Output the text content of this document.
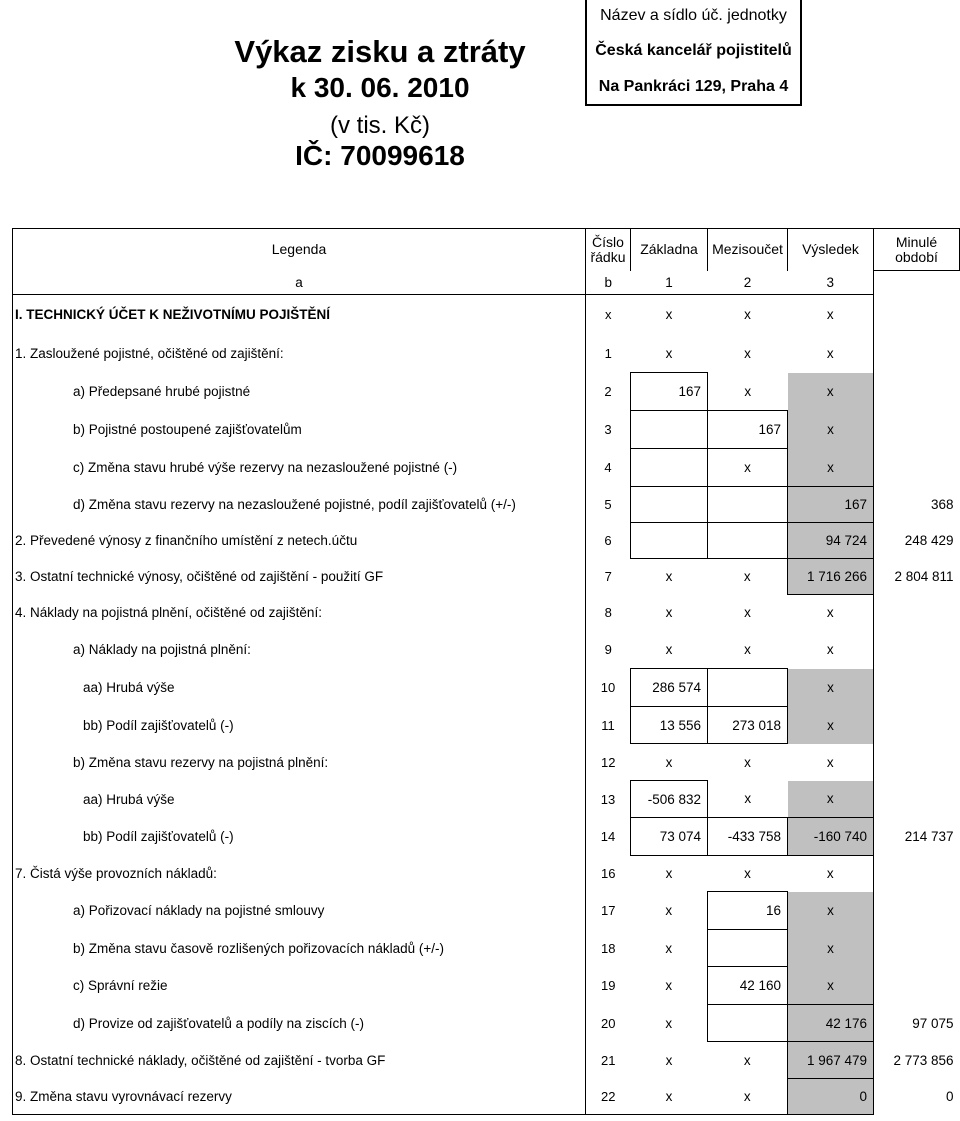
Výkaz zisku a ztráty
k 30. 06. 2010
(v tis. Kč)
IČ: 70099618
Název a sídlo úč. jednotky
Česká kancelář pojistitelů
Na Pankráci 129, Praha 4
Legenda	Číslo řádku	Základna	Mezisoučet	Výsledek	Minulé období
a	b	1	2	3	
I. TECHNICKÝ ÚČET K NEŽIVOTNÍMU POJIŠTĚNÍ	x	x	x	x	
1. Zasloužené pojistné, očištěné od zajištění:	1	x	x	x	
a) Předepsané hrubé pojistné	2	167	x	x	
b) Pojistné postoupené zajišťovatelům	3		167	x	
c) Změna stavu hrubé výše rezervy na nezasloužené pojistné (-)	4		x	x	
d) Změna stavu rezervy na nezasloužené pojistné, podíl zajišťovatelů (+/-)	5			167	368
2. Převedené výnosy z finančního umístění z netech.účtu	6			94 724	248 429
3. Ostatní technické výnosy, očištěné od zajištění - použití GF	7	x	x	1 716 266	2 804 811
4. Náklady na pojistná plnění, očištěné od zajištění:	8	x	x	x	
a) Náklady na pojistná plnění:	9	x	x	x	
aa) Hrubá výše	10	286 574		x	
bb) Podíl zajišťovatelů (-)	11	13 556	273 018	x	
b) Změna stavu rezervy na pojistná plnění:	12	x	x	x	
aa) Hrubá výše	13	-506 832	x	x	
bb) Podíl zajišťovatelů (-)	14	73 074	-433 758	-160 740	214 737
7. Čistá výše provozních nákladů:	16	x	x	x	
a) Pořizovací náklady na pojistné smlouvy	17	x	16	x	
b) Změna stavu časově rozlišených pořizovacích nákladů (+/-)	18	x		x	
c) Správní režie	19	x	42 160	x	
d) Provize od zajišťovatelů a podíly na ziscích (-)	20	x		42 176	97 075
8. Ostatní technické náklady, očištěné od zajištění - tvorba GF	21	x	x	1 967 479	2 773 856
9. Změna stavu vyrovnávací rezervy	22	x	x	0	0
